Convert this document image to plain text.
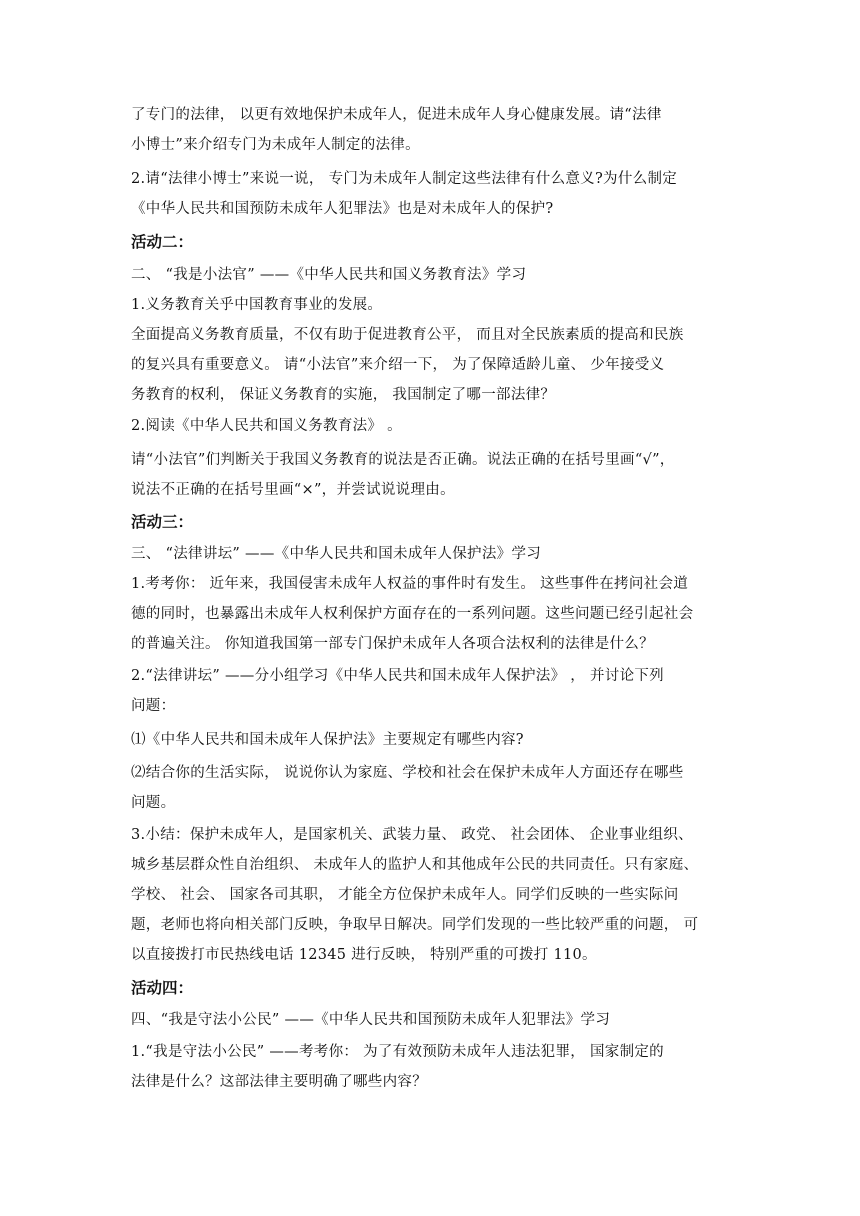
了专门的法律， 以更有效地保护未成年人，促进未成年人身心健康发展。请“法律
小博士”来介绍专门为未成年人制定的法律。
2.请“法律小博士”来说一说， 专门为未成年人制定这些法律有什么意义?为什么制定
《中华人民共和国预防未成年人犯罪法》也是对未成年人的保护?
活动二：
二、 “我是小法官” ——《中华人民共和国义务教育法》学习
1.义务教育关乎中国教育事业的发展。
全面提高义务教育质量，不仅有助于促进教育公平， 而且对全民族素质的提高和民族
的复兴具有重要意义。 请“小法官”来介绍一下， 为了保障适龄儿童、 少年接受义
务教育的权利， 保证义务教育的实施， 我国制定了哪一部法律？
2.阅读《中华人民共和国义务教育法》 。
请“小法官”们判断关于我国义务教育的说法是否正确。说法正确的在括号里画“√”，
说法不正确的在括号里画“×”，并尝试说说理由。
活动三：
三、 “法律讲坛” ——《中华人民共和国未成年人保护法》学习
1.考考你： 近年来，我国侵害未成年人权益的事件时有发生。 这些事件在拷问社会道
德的同时，也暴露出未成年人权利保护方面存在的一系列问题。这些问题已经引起社会
的普遍关注。 你知道我国第一部专门保护未成年人各项合法权利的法律是什么？
2.“法律讲坛” ——分小组学习《中华人民共和国未成年人保护法》 ， 并讨论下列
问题：
⑴《中华人民共和国未成年人保护法》主要规定有哪些内容?
⑵结合你的生活实际， 说说你认为家庭、学校和社会在保护未成年人方面还存在哪些
问题。
3.小结：保护未成年人，是国家机关、武装力量、 政党、 社会团体、 企业事业组织、
城乡基层群众性自治组织、 未成年人的监护人和其他成年公民的共同责任。只有家庭、
学校、 社会、 国家各司其职， 才能全方位保护未成年人。同学们反映的一些实际问
题，老师也将向相关部门反映，争取早日解决。同学们发现的一些比较严重的问题， 可
以直接拨打市民热线电话 12345 进行反映， 特别严重的可拨打 110。
活动四：
四、“我是守法小公民” ——《中华人民共和国预防未成年人犯罪法》学习
1.“我是守法小公民” ——考考你： 为了有效预防未成年人违法犯罪， 国家制定的
法律是什么？这部法律主要明确了哪些内容？
